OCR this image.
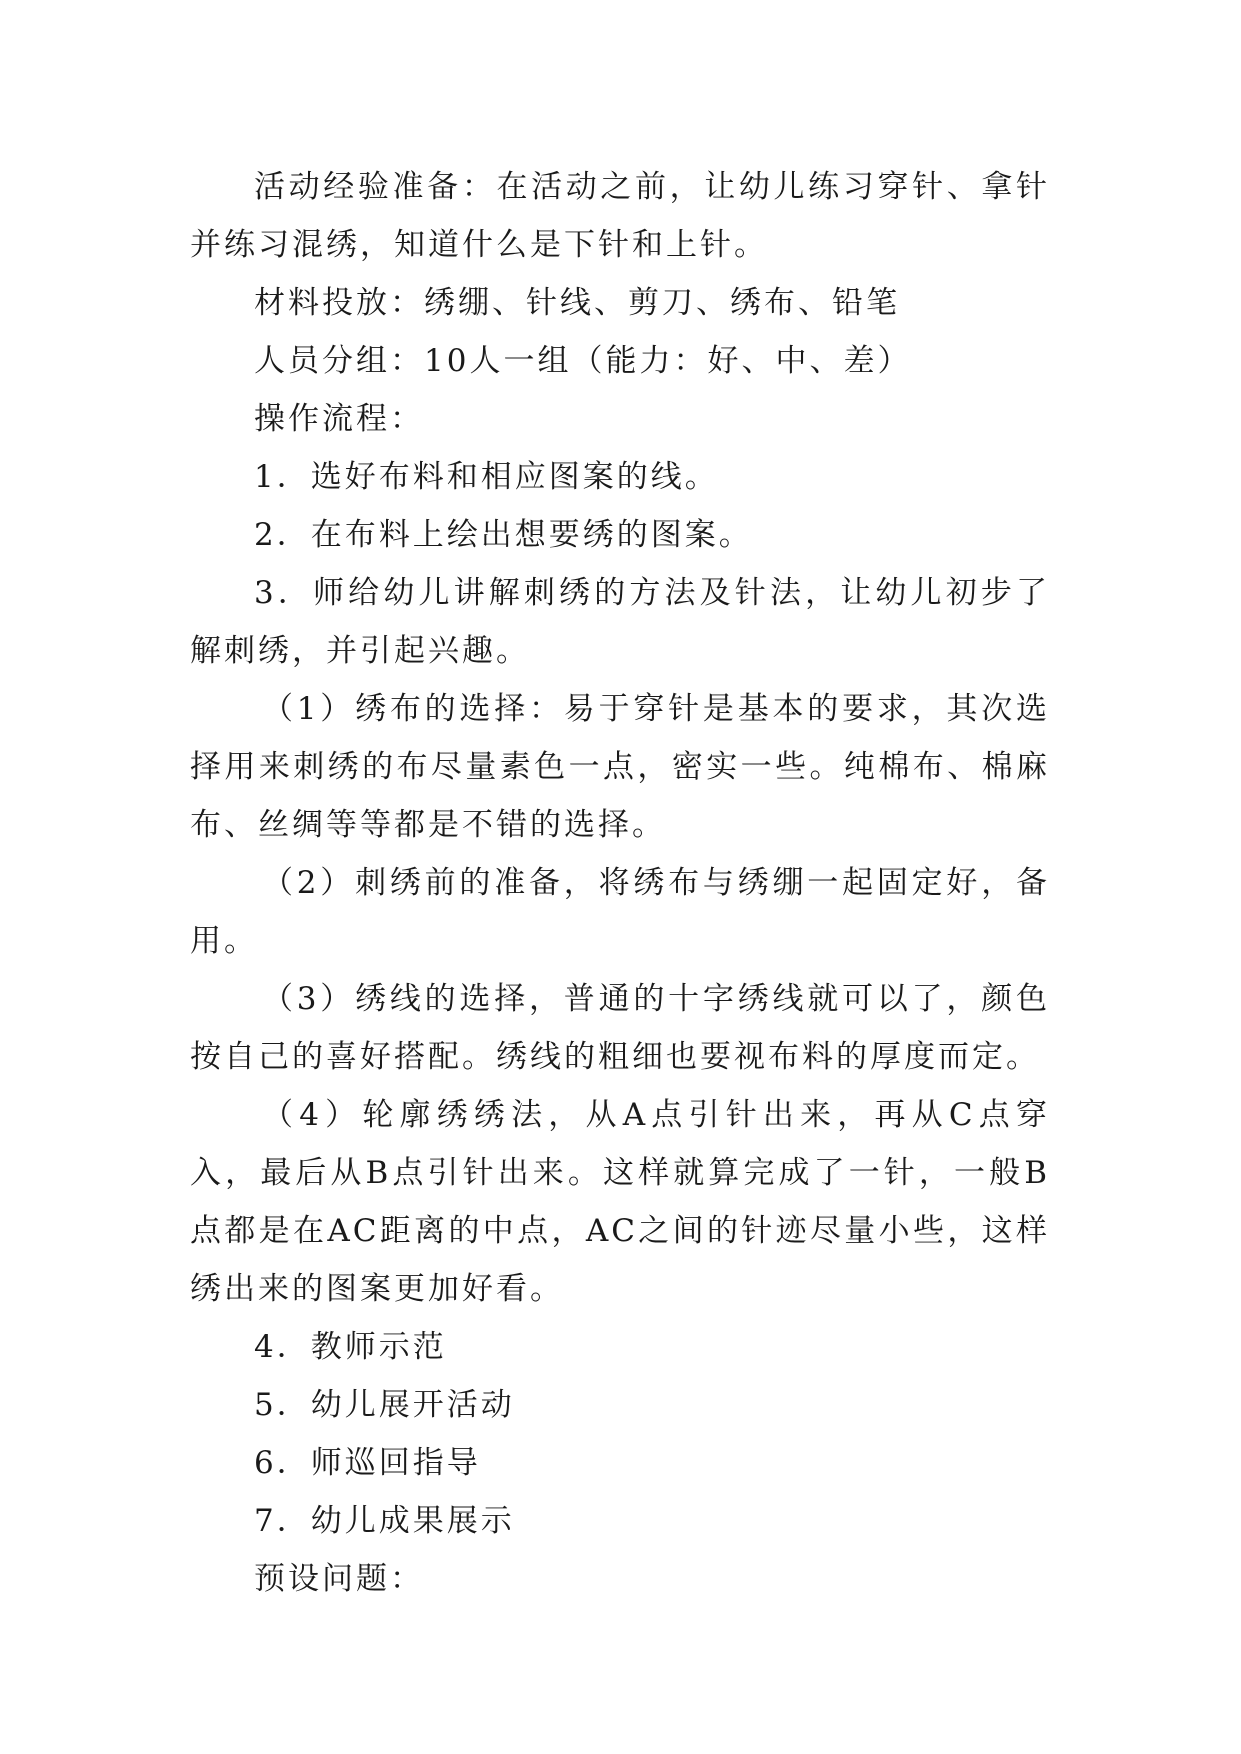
活动经验准备：在活动之前，让幼儿练习穿针、拿针并练习混绣，知道什么是下针和上针。

材料投放：绣绷、针线、剪刀、绣布、铅笔

人员分组：10人一组（能力：好、中、差）

操作流程：

1．选好布料和相应图案的线。

2．在布料上绘出想要绣的图案。

3．师给幼儿讲解刺绣的方法及针法，让幼儿初步了解刺绣，并引起兴趣。

（1）绣布的选择：易于穿针是基本的要求，其次选择用来刺绣的布尽量素色一点，密实一些。纯棉布、棉麻布、丝绸等等都是不错的选择。

（2）刺绣前的准备，将绣布与绣绷一起固定好，备用。

（3）绣线的选择，普通的十字绣线就可以了，颜色按自己的喜好搭配。绣线的粗细也要视布料的厚度而定。

（4）轮廓绣绣法，从A点引针出来，再从C点穿入，最后从B点引针出来。这样就算完成了一针，一般B点都是在AC距离的中点，AC之间的针迹尽量小些，这样绣出来的图案更加好看。

4．教师示范

5．幼儿展开活动

6．师巡回指导

7．幼儿成果展示

预设问题：
